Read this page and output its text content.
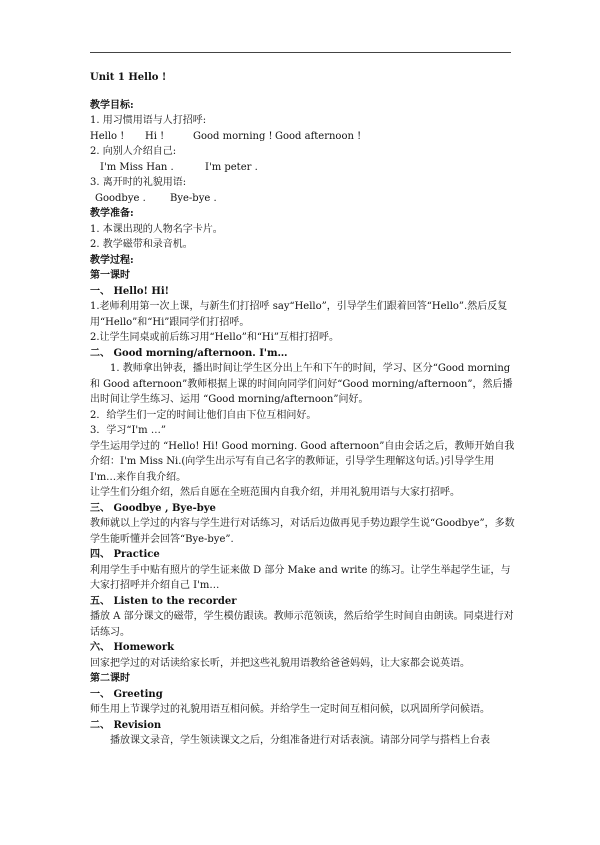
Unit 1 Hello !
教学目标:
1. 用习惯用语与人打招呼:
Hello ! Hi !	Good morning ! Good afternoon !
2. 向别人介绍自己:
I'm Miss Han .	I'm peter .
3. 离开时的礼貌用语:
Goodbye . Bye-bye .
教学准备:
1. 本课出现的人物名字卡片。
2. 教学磁带和录音机。
教学过程:
第一课时
一、 Hello! Hi!
1.老师利用第一次上课，与新生们打招呼 say“Hello”，引导学生们跟着回答“Hello”.然后反复用“Hello”和“Hi”跟同学们打招呼。
2.让学生同桌或前后练习用“Hello”和“Hi”互相打招呼。
二、 Good morning/afternoon. I'm…
1. 教师拿出钟表，播出时间让学生区分出上午和下午的时间，学习、区分“Good morning 和 Good afternoon”教师根据上课的时间向同学们问好“Good morning/afternoon”，然后播出时间让学生练习、运用 “Good morning/afternoon”问好。
2．给学生们一定的时间让他们自由下位互相问好。
3．学习“I'm …”
学生运用学过的 “Hello! Hi! Good morning. Good afternoon”自由会话之后，教师开始自我介绍：I'm Miss Ni.(向学生出示写有自己名字的教师证，引导学生理解这句话。)引导学生用 I'm…来作自我介绍。
让学生们分组介绍，然后自愿在全班范围内自我介绍，并用礼貌用语与大家打招呼。
三、 Goodbye , Bye-bye
教师就以上学过的内容与学生进行对话练习，对话后边做再见手势边跟学生说“Goodbye”，多数学生能听懂并会回答“Bye-bye”.
四、 Practice
利用学生手中贴有照片的学生证来做 D 部分 Make and write 的练习。让学生举起学生证，与大家打招呼并介绍自己 I'm…
五、 Listen to the recorder
播放 A 部分课文的磁带，学生模仿跟读。教师示范领读，然后给学生时间自由朗读。同桌进行对话练习。
六、 Homework
回家把学过的对话读给家长听，并把这些礼貌用语教给爸爸妈妈，让大家都会说英语。
第二课时
一、 Greeting
师生用上节课学过的礼貌用语互相问候。并给学生一定时间互相问候，以巩固所学问候语。
二、 Revision
播放课文录音，学生领读课文之后，分组准备进行对话表演。请部分同学与搭档上台表
